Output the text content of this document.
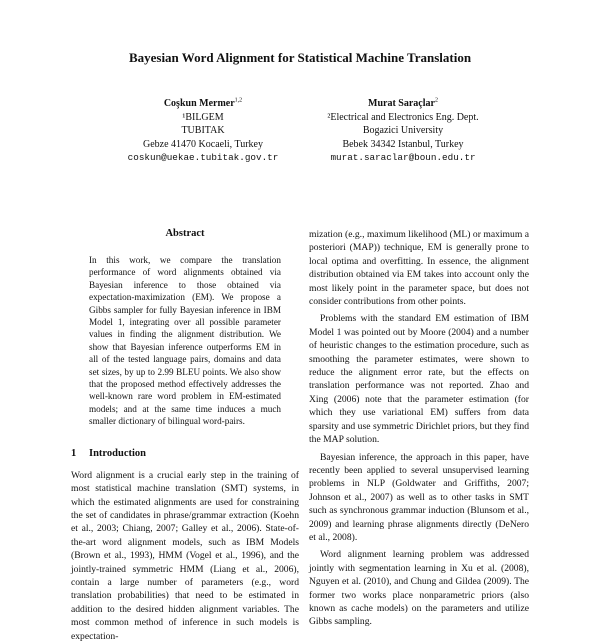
Bayesian Word Alignment for Statistical Machine Translation
Coşkun Mermer$^{1,2}$
¹BILGEM
TUBITAK
Gebze 41470 Kocaeli, Turkey
coskun@uekae.tubitak.gov.tr
Murat Saraçlar$^2$
²Electrical and Electronics Eng. Dept.
Bogazici University
Bebek 34342 Istanbul, Turkey
murat.saraclar@boun.edu.tr
Abstract

In this work, we compare the translation performance of word alignments obtained via Bayesian inference to those obtained via expectation-maximization (EM). We propose a Gibbs sampler for fully Bayesian inference in IBM Model 1, integrating over all possible parameter values in finding the alignment distribution. We show that Bayesian inference outperforms EM in all of the tested language pairs, domains and data set sizes, by up to 2.99 BLEU points. We also show that the proposed method effectively addresses the well-known rare word problem in EM-estimated models; and at the same time induces a much smaller dictionary of bilingual word-pairs.

1 Introduction

Word alignment is a crucial early step in the training of most statistical machine translation (SMT) systems, in which the estimated alignments are used for constraining the set of candidates in phrase/grammar extraction (Koehn et al., 2003; Chiang, 2007; Galley et al., 2006). State-of-the-art word alignment models, such as IBM Models (Brown et al., 1993), HMM (Vogel et al., 1996), and the jointly-trained symmetric HMM (Liang et al., 2006), contain a large number of parameters (e.g., word translation probabilities) that need to be estimated in addition to the desired hidden alignment variables. The most common method of inference in such models is expectation-

mization (e.g., maximum likelihood (ML) or maximum a posteriori (MAP)) technique, EM is generally prone to local optima and overfitting. In essence, the alignment distribution obtained via EM takes into account only the most likely point in the parameter space, but does not consider contributions from other points.

Problems with the standard EM estimation of IBM Model 1 was pointed out by Moore (2004) and a number of heuristic changes to the estimation procedure, such as smoothing the parameter estimates, were shown to reduce the alignment error rate, but the effects on translation performance was not reported. Zhao and Xing (2006) note that the parameter estimation (for which they use variational EM) suffers from data sparsity and use symmetric Dirichlet priors, but they find the MAP solution.

Bayesian inference, the approach in this paper, have recently been applied to several unsupervised learning problems in NLP (Goldwater and Griffiths, 2007; Johnson et al., 2007) as well as to other tasks in SMT such as synchronous grammar induction (Blunsom et al., 2009) and learning phrase alignments directly (DeNero et al., 2008).

Word alignment learning problem was addressed jointly with segmentation learning in Xu et al. (2008), Nguyen et al. (2010), and Chung and Gildea (2009). The former two works place nonparametric priors (also known as cache models) on the parameters and utilize Gibbs sampling.
